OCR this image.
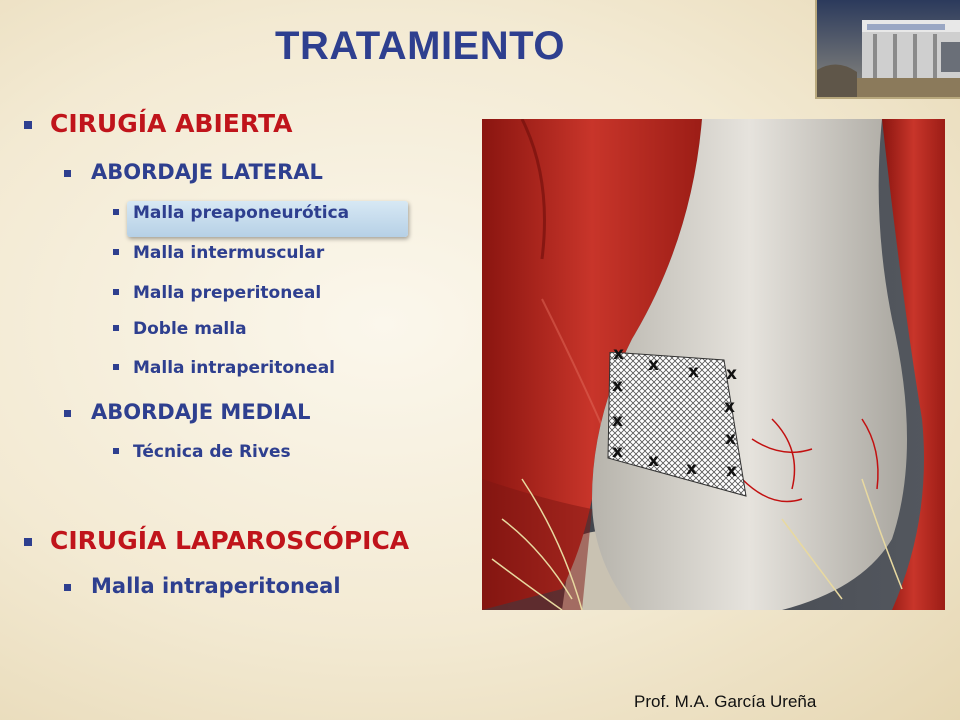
TRATAMIENTO
CIRUGÍA ABIERTA
ABORDAJE LATERAL
Malla preaponeurótica
Malla intermuscular
Malla preperitoneal
Doble malla
Malla intraperitoneal
ABORDAJE MEDIAL
Técnica de Rives
CIRUGÍA LAPAROSCÓPICA
Malla intraperitoneal
x
x x x
x
x
x
x
x x x x
Prof. M.A. García Ureña
